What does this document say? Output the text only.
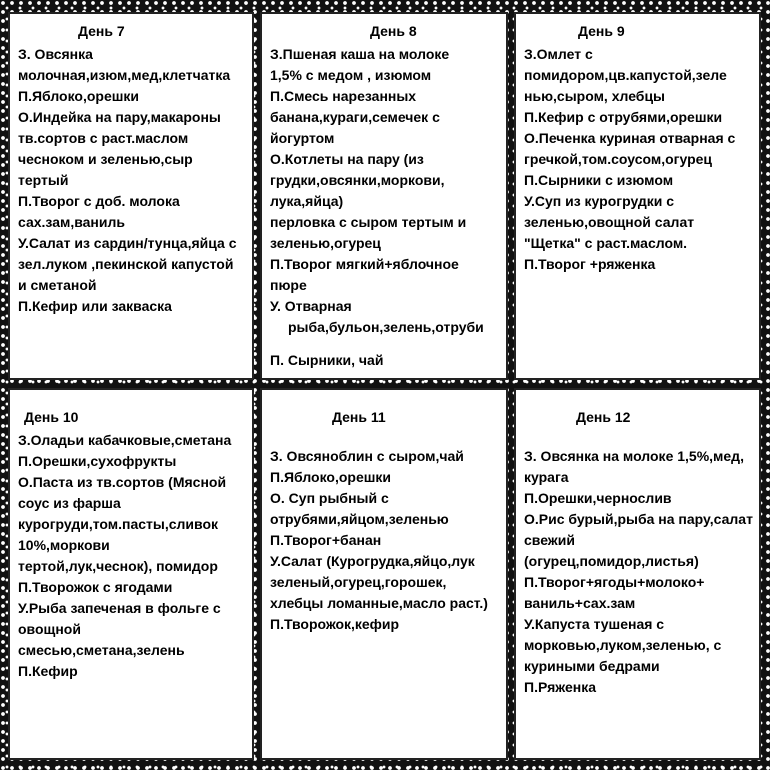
День 7
З. Овсянка
молочная,изюм,мед,клетчатка
П.Яблоко,орешки
О.Индейка на пару,макароны
тв.сортов с раст.маслом
чесноком и зеленью,сыр
тертый
П.Творог с доб. молока
сах.зам,ваниль
У.Салат из сардин/тунца,яйца с
зел.луком ,пекинской капустой
и сметаной
П.Кефир или закваска
День 8
З.Пшеная каша на молоке
1,5% с медом , изюмом
П.Смесь нарезанных
банана,кураги,семечек с
йогуртом
О.Котлеты на пару (из
грудки,овсянки,моркови,
лука,яйца)
перловка с сыром тертым и
зеленью,огурец
П.Творог мягкий+яблочное
пюре
У. Отварная
рыба,бульон,зелень,отруби
П. Сырники, чай
День 9
З.Омлет с
помидором,цв.капустой,зеле
нью,сыром, хлебцы
П.Кефир с отрубями,орешки
О.Печенка куриная отварная с
гречкой,том.соусом,огурец
П.Сырники с изюмом
У.Суп из курогрудки с
зеленью,овощной салат
"Щетка" с раст.маслом.
П.Творог +ряженка
День 10
З.Оладьи кабачковые,сметана
П.Орешки,сухофрукты
О.Паста из тв.сортов (Мясной
соус из фарша
курогруди,том.пасты,сливок
10%,моркови
тертой,лук,чеснок), помидор
П.Творожок с ягодами
У.Рыба запеченая в фольге с
овощной
смесью,сметана,зелень
П.Кефир
День 11
З. Овсяноблин с сыром,чай
П.Яблоко,орешки
О. Суп рыбный с
отрубями,яйцом,зеленью
П.Творог+банан
У.Салат (Курогрудка,яйцо,лук
зеленый,огурец,горошек,
хлебцы ломанные,масло раст.)
П.Творожок,кефир
День 12
З. Овсянка на молоке 1,5%,мед,
курага
П.Орешки,чернослив
О.Рис бурый,рыба на пару,салат
свежий
(огурец,помидор,листья)
П.Творог+ягоды+молоко+
ваниль+сах.зам
У.Капуста тушеная с
морковью,луком,зеленью, с
куриными бедрами
П.Ряженка
